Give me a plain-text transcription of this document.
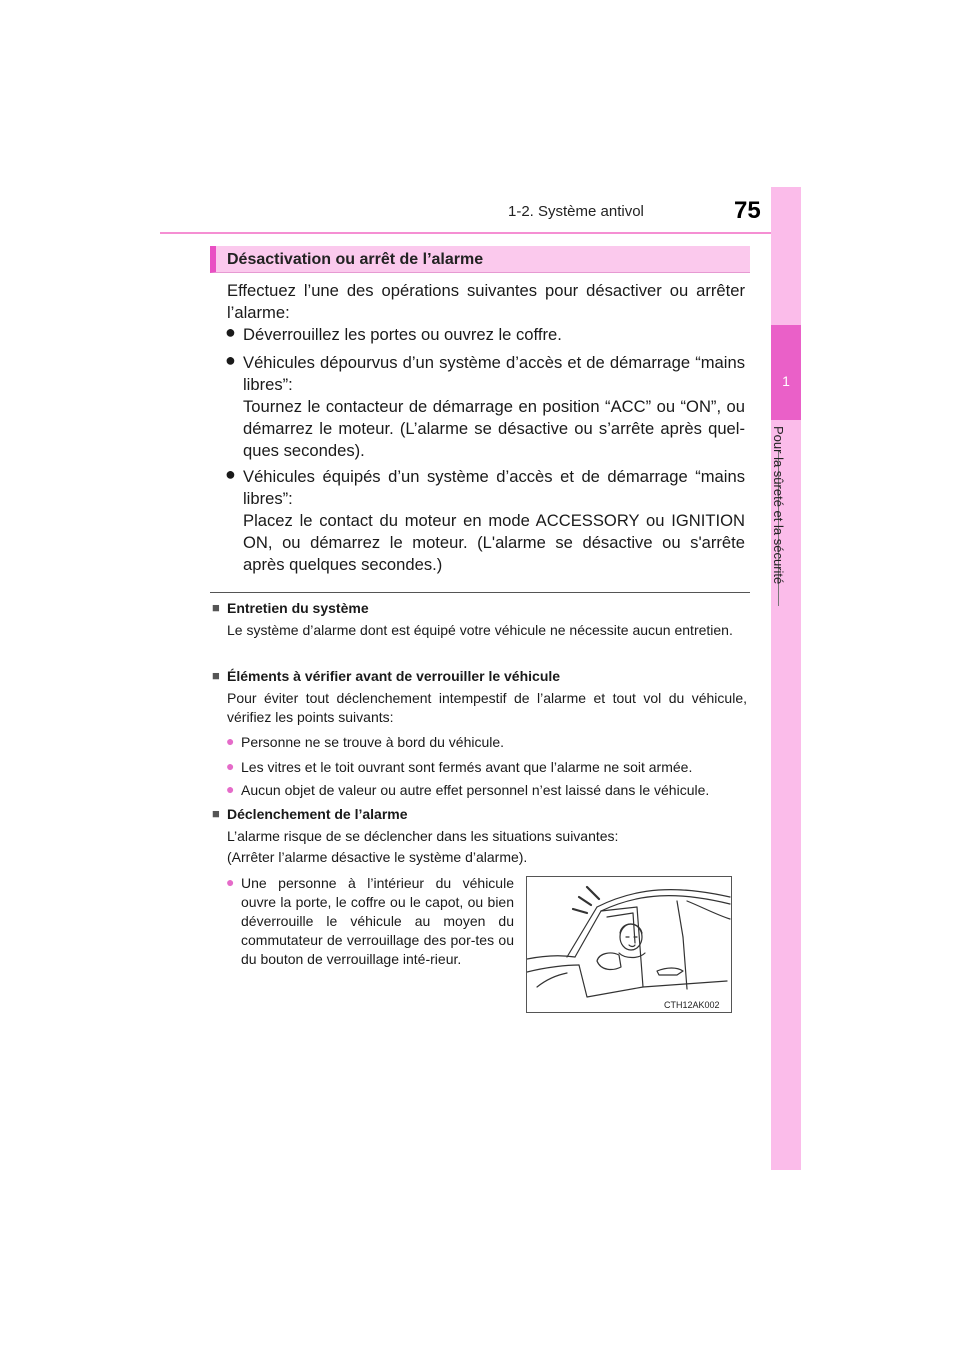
1-2. Système antivol	75
1
Pour la sûreté et la sécurité
Désactivation ou arrêt de l’alarme
Effectuez l’une des opérations suivantes pour désactiver ou arrêter l’alarme:
● Déverrouillez les portes ou ouvrez le coffre.
● Véhicules dépourvus d’un système d’accès et de démarrage “mains libres”:
Tournez le contacteur de démarrage en position “ACC” ou “ON”, ou démarrez le moteur. (L’alarme se désactive ou s’arrête après quel-ques secondes).
● Véhicules équipés d’un système d’accès et de démarrage “mains libres”:
Placez le contact du moteur en mode ACCESSORY ou IGNITION ON, ou démarrez le moteur. (L'alarme se désactive ou s'arrête après quelques secondes.)
■ Entretien du système
Le système d’alarme dont est équipé votre véhicule ne nécessite aucun entretien.
■ Éléments à vérifier avant de verrouiller le véhicule
Pour éviter tout déclenchement intempestif de l’alarme et tout vol du véhicule, vérifiez les points suivants:
● Personne ne se trouve à bord du véhicule.
● Les vitres et le toit ouvrant sont fermés avant que l’alarme ne soit armée.
● Aucun objet de valeur ou autre effet personnel n’est laissé dans le véhicule.
■ Déclenchement de l’alarme
L’alarme risque de se déclencher dans les situations suivantes:
(Arrêter l’alarme désactive le système d’alarme).
● Une personne à l’intérieur du véhicule ouvre la porte, le coffre ou le capot, ou bien déverrouille le véhicule au moyen du commutateur de verrouillage des por-tes ou du bouton de verrouillage inté-rieur.
CTH12AK002
